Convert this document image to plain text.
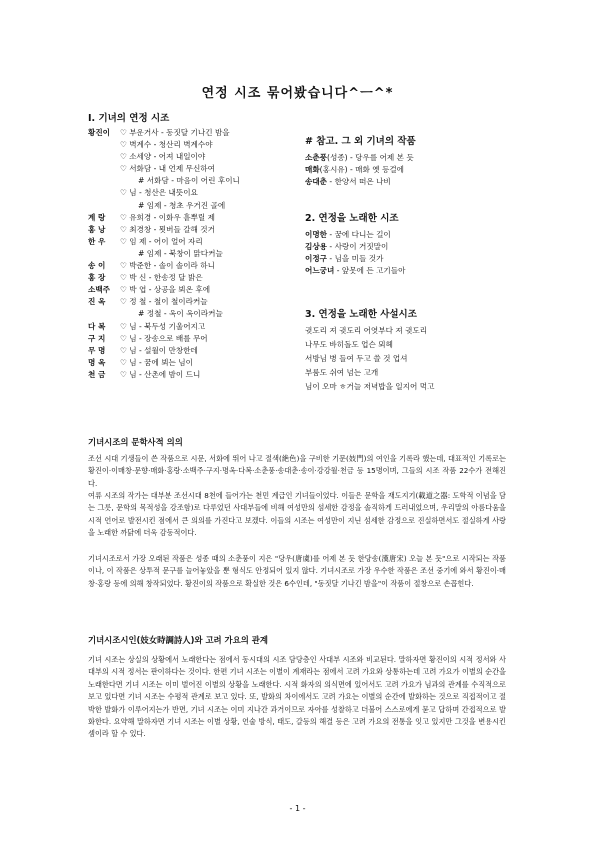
연정 시조 묶어봤습니다^ㅡ^*
Ⅰ. 기녀의 연정 시조
황진이	♡ 부운거사 - 동짓달 기나긴 밤을
♡ 벽계수 - 청산리 벽계수야
♡ 소세양 - 어져 내일이야
♡ 서화담 - 내 언제 무신하여
# 서화담 - 마음이 어린 후이니
♡ 님 - 청산은 내뜻이요
# 임제 - 청초 우거진 골에
계 랑	♡ 유희경 - 이화우 흩뿌릴 제
홍 낭	♡ 최경창 - 묏버들 갈해 것거
한 우	♡ 임 제 - 어이 얼어 자리
# 임제 - 북창이 맑다커늘
송 이	♡ 박준한 - 솔이 솔이라 하니
홍 장	♡ 박 신 - 한송정 달 밝은
소백주	♡ 박 엽 - 상공을 뵈온 후에
진 옥	♡ 정 철 - 철이 철이라커늘
# 정철 - 옥이 옥이라커늘
다 복	♡ 님 - 북두성 기울어지고
구 지	♡ 님 - 장송으로 배를 무어
무 명	♡ 님 - 설월이 만창한데
명 옥	♡ 님 - 꿈에 뵈는 님이
천 금	♡ 님 - 산촌에 밤이 드니
# 참고. 그 외 기녀의 작품
소춘풍(성종) - 당우를 어제 본 듯
매화(홍시유) - 매화 옛 등걸에
송대춘 - 한양서 떠온 나비
2. 연정을 노래한 시조
이명한 - 꿈에 다니는 길이
김상용 - 사랑이 거짓말이
이정구 - 님을 미들 것가
어느궁녀 - 앞못에 든 고기들아
3. 연정을 노래한 사설시조
귓도리 져 귓도리 어엿부다 져 귓도리
나무도 바히돌도 업슨 뫼헤
서방님 병 들여 두고 쓸 것 업셔
부룸도 쉬여 넘는 고개
님이 오마 ㅎ거늘 저녁밥을 일지어 먹고
기녀시조의 문학사적 의의

조선 시대 기생들이 쓴 작품으로 시문, 서화에 뛰어 나고 절색(絶色)을 구비한 기문(妓門)의 여인을 기록라 했는데, 대표적인 기록로는 황진이·이매창·문향·매화·홍랑·소백주·구지·명옥·다복·소춘풍·송대춘·송이·강강월·천금 등 15명이며, 그들의 시조 작품 22수가 전해진다.

여류 시조의 작가는 대부분 조선시대 8천에 들어가는 천민 계급인 기녀들이었다. 이들은 문학을 재도지기(載道之器: 도학적 이념을 담는 그릇, 문학의 목적성을 강조함)로 다루었던 사대부들에 비해 여성만의 섬세한 감정을 솔직하게 드러내었으며, 우리말의 아름다움을 시적 언어로 발전시킨 점에서 큰 의의를 가진다고 보겠다. 이들의 시조는 여성만이 지닌 섬세한 감정으로 진실하면서도 절실하게 사랑을 노래한 까닭에 더욱 감동적이다.

기녀시조로서 가장 오래된 작품은 성종 때의 소춘풍이 지은 "당우(唐虞)를 어제 본 듯 한당송(漢唐宋) 오늘 본 듯"으로 시작되는 작품이나, 이 작품은 상투적 문구를 늘어놓았을 뿐 형식도 안정되어 있지 않다. 기녀시조로 가장 우수한 작품은 조선 중기에 와서 황진이·매창·홍랑 등에 의해 창작되었다. 황진이의 작품으로 확실한 것은 6수인데, "동짓달 기나긴 밤을"이 작품이 절창으로 손꼽힌다.

기녀시조시인(妓女時調詩人)와 고려 가요의 관계

기녀 시조는 상실의 상황에서 노래한다는 점에서 동시대의 시조 담당층인 사대부 시조와 비교된다. 말하자면 황진이의 시적 정서와 사대부의 시적 정서는 판이하다는 것이다. 한편 기녀 시조는 이별이 계재라는 점에서 고려 가요와 상통하는데 고려 가요가 이별의 순간을 노래한다면 기녀 시조는 이미 벌어진 이별의 상황을 노래한다. 시적 화자의 의식면에 있어서도 고려 가요가 님과의 관계를 수직적으로 보고 있다면 기녀 시조는 수평적 관계로 보고 있다. 또, 발화의 차이에서도 고려 가요는 이별의 순간에 발화하는 것으로 직접적이고 절박한 발화가 이루어지는가 반면, 기녀 시조는 이미 지나간 과거이므로 자아를 성찰하고 더불어 스스로에게 묻고 답하며 간접적으로 발화한다. 요약해 말하자면 기녀 시조는 이별 상황, 언술 방식, 태도, 갈등의 해결 등은 고려 가요의 전통을 잇고 있지만 그것을 변용시킨 셈이라 할 수 있다.

- 1 -
